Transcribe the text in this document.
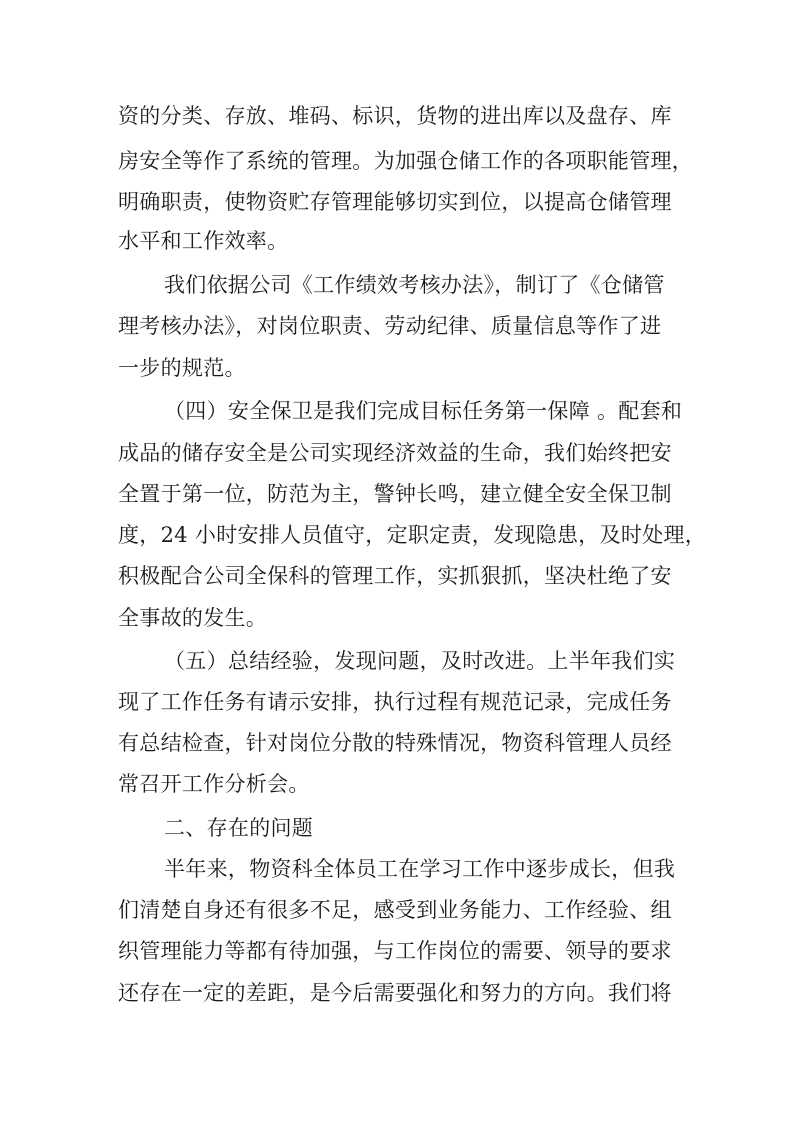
资的分类、存放、堆码、标识，货物的进出库以及盘存、库
房安全等作了系统的管理。为加强仓储工作的各项职能管理，
明确职责，使物资贮存管理能够切实到位，以提高仓储管理
水平和工作效率。
我们依据公司《工作绩效考核办法》，制订了《仓储管
理考核办法》，对岗位职责、劳动纪律、质量信息等作了进
一步的规范。
（四）安全保卫是我们完成目标任务第一保障 。配套和
成品的储存安全是公司实现经济效益的生命，我们始终把安
全置于第一位，防范为主，警钟长鸣，建立健全安全保卫制
度，24 小时安排人员值守，定职定责，发现隐患，及时处理，
积极配合公司全保科的管理工作，实抓狠抓，坚决杜绝了安
全事故的发生。
（五）总结经验，发现问题，及时改进。上半年我们实
现了工作任务有请示安排，执行过程有规范记录，完成任务
有总结检查，针对岗位分散的特殊情况，物资科管理人员经
常召开工作分析会。
二、存在的问题
半年来，物资科全体员工在学习工作中逐步成长，但我
们清楚自身还有很多不足，感受到业务能力、工作经验、组
织管理能力等都有待加强，与工作岗位的需要、领导的要求
还存在一定的差距，是今后需要强化和努力的方向。我们将
